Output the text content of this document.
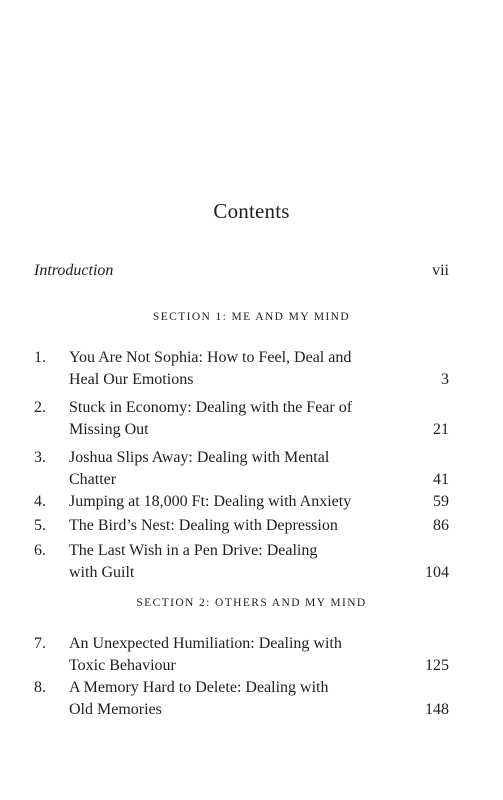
Contents
Introduction	vii
SECTION 1: ME AND MY MIND
1. You Are Not Sophia: How to Feel, Deal and
Heal Our Emotions	3
2. Stuck in Economy: Dealing with the Fear of
Missing Out	21
3. Joshua Slips Away: Dealing with Mental
Chatter	41
4. Jumping at 18,000 Ft: Dealing with Anxiety	59
5. The Bird’s Nest: Dealing with Depression	86
6. The Last Wish in a Pen Drive: Dealing
with Guilt	104
SECTION 2: OTHERS AND MY MIND
7. An Unexpected Humiliation: Dealing with
Toxic Behaviour	125
8. A Memory Hard to Delete: Dealing with
Old Memories	148
